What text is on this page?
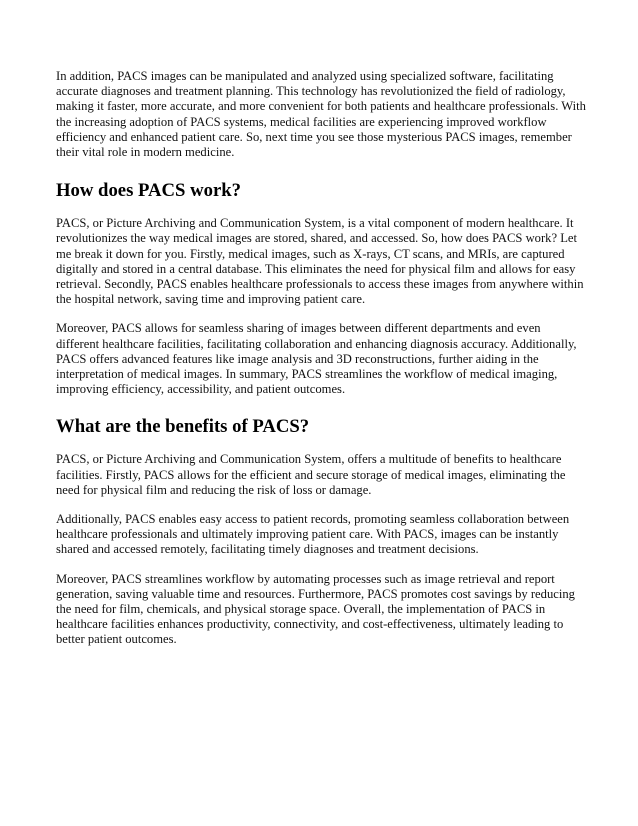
In addition, PACS images can be manipulated and analyzed using specialized software, facilitating accurate diagnoses and treatment planning. This technology has revolutionized the field of radiology, making it faster, more accurate, and more convenient for both patients and healthcare professionals. With the increasing adoption of PACS systems, medical facilities are experiencing improved workflow efficiency and enhanced patient care. So, next time you see those mysterious PACS images, remember their vital role in modern medicine.

How does PACS work?

PACS, or Picture Archiving and Communication System, is a vital component of modern healthcare. It revolutionizes the way medical images are stored, shared, and accessed. So, how does PACS work? Let me break it down for you. Firstly, medical images, such as X-rays, CT scans, and MRIs, are captured digitally and stored in a central database. This eliminates the need for physical film and allows for easy retrieval. Secondly, PACS enables healthcare professionals to access these images from anywhere within the hospital network, saving time and improving patient care.

Moreover, PACS allows for seamless sharing of images between different departments and even different healthcare facilities, facilitating collaboration and enhancing diagnosis accuracy. Additionally, PACS offers advanced features like image analysis and 3D reconstructions, further aiding in the interpretation of medical images. In summary, PACS streamlines the workflow of medical imaging, improving efficiency, accessibility, and patient outcomes.

What are the benefits of PACS?

PACS, or Picture Archiving and Communication System, offers a multitude of benefits to healthcare facilities. Firstly, PACS allows for the efficient and secure storage of medical images, eliminating the need for physical film and reducing the risk of loss or damage.

Additionally, PACS enables easy access to patient records, promoting seamless collaboration between healthcare professionals and ultimately improving patient care. With PACS, images can be instantly shared and accessed remotely, facilitating timely diagnoses and treatment decisions.

Moreover, PACS streamlines workflow by automating processes such as image retrieval and report generation, saving valuable time and resources. Furthermore, PACS promotes cost savings by reducing the need for film, chemicals, and physical storage space. Overall, the implementation of PACS in healthcare facilities enhances productivity, connectivity, and cost-effectiveness, ultimately leading to better patient outcomes.
